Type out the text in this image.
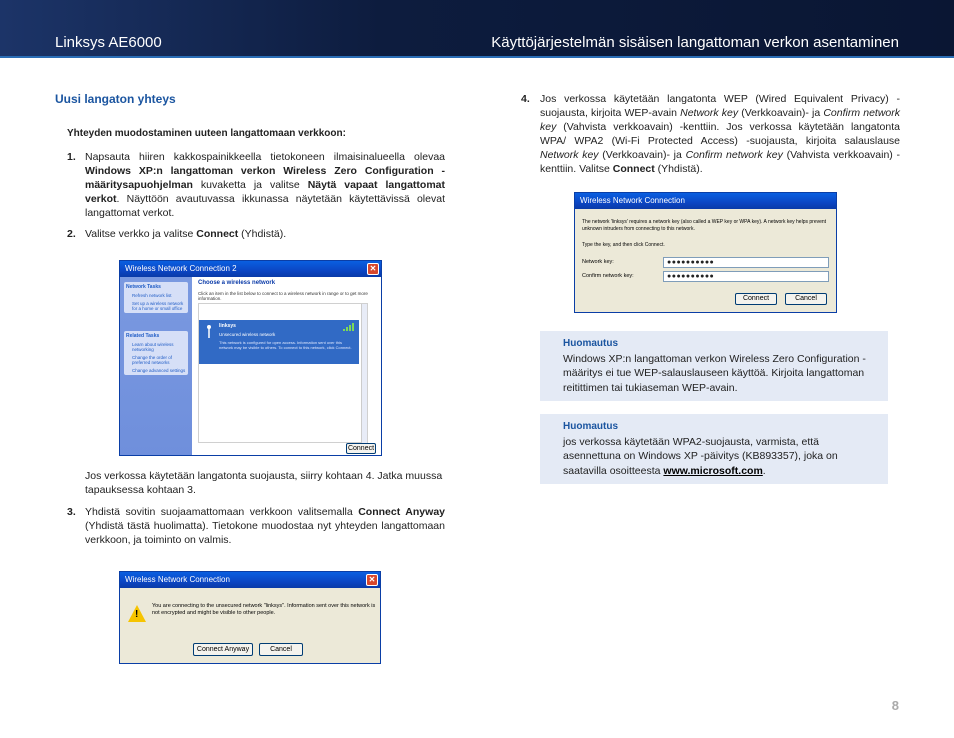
Linksys AE6000	Käyttöjärjestelmän sisäisen langattoman verkon asentaminen
Uusi langaton yhteys
Yhteyden muodostaminen uuteen langattomaan verkkoon:
1. Napsauta hiiren kakkospainikkeella tietokoneen ilmaisinalueella olevaa Windows XP:n langattoman verkon Wireless Zero Configuration -määritysapuohjelman kuvaketta ja valitse Näytä vapaat langattomat verkot. Näyttöön avautuvassa ikkunassa näytetään käytettävissä olevat langattomat verkot.
2. Valitse verkko ja valitse Connect (Yhdistä).
Jos verkossa käytetään langatonta suojausta, siirry kohtaan 4. Jatka muussa tapauksessa kohtaan 3.
3. Yhdistä sovitin suojaamattomaan verkkoon valitsemalla Connect Anyway (Yhdistä tästä huolimatta). Tietokone muodostaa nyt yhteyden langattomaan verkkoon, ja toiminto on valmis.
Wireless Network Connection 2	✕
Network Tasks
Refresh network list
Set up a wireless network for a home or small office
Related Tasks
Learn about wireless networking
Change the order of preferred networks
Change advanced settings
Choose a wireless network
Click an item in the list below to connect to a wireless network in range or to get more information.
linksys
Unsecured wireless network
This network is configured for open access. Information sent over this network may be visible to others. To connect to this network, click Connect.
Connect
Wireless Network Connection	✕
!
You are connecting to the unsecured network "linksys". Information sent over this network is not encrypted and might be visible to other people.
Connect Anyway	Cancel
4. Jos verkossa käytetään langatonta WEP (Wired Equivalent Privacy) -suojausta, kirjoita WEP-avain Network key (Verkkoavain)- ja Confirm network key (Vahvista verkkoavain) -kenttiin. Jos verkossa käytetään langatonta WPA/ WPA2 (Wi-Fi Protected Access) -suojausta, kirjoita salauslause Network key (Verkkoavain)- ja Confirm network key (Vahvista verkkoavain) -kenttiin. Valitse Connect (Yhdistä).
Huomautus
Windows XP:n langattoman verkon Wireless Zero Configuration -määritys ei tue WEP-salauslauseen käyttöä. Kirjoita langattoman reitittimen tai tukiaseman WEP-avain.
Huomautus
jos verkossa käytetään WPA2-suojausta, varmista, että asennettuna on Windows XP -päivitys (KB893357), joka on saatavilla osoitteesta www.microsoft.com.
Wireless Network Connection
The network 'linksys' requires a network key (also called a WEP key or WPA key). A network key helps prevent unknown intruders from connecting to this network.
Type the key, and then click Connect.
Network key:	●●●●●●●●●●
Confirm network key:	●●●●●●●●●●
Connect	Cancel
8
